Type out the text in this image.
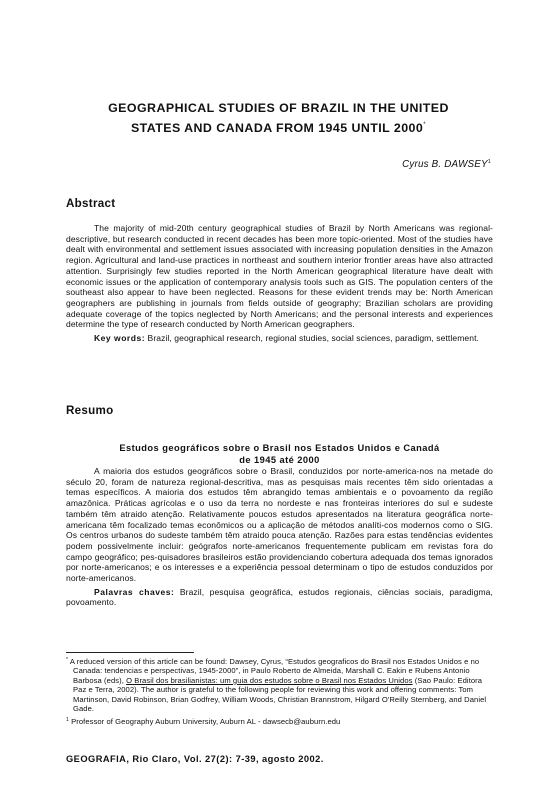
GEOGRAPHICAL STUDIES OF BRAZIL IN THE UNITED
STATES AND CANADA FROM 1945 UNTIL 2000*
Cyrus B. DAWSEY$^1$
Abstract

The majority of mid-20th century geographical studies of Brazil by North Americans was regional-descriptive, but research conducted in recent decades has been more topic-oriented. Most of the studies have dealt with environmental and settlement issues associated with increasing population densities in the Amazon region. Agricultural and land-use practices in northeast and southern interior frontier areas have also attracted attention. Surprisingly few studies reported in the North American geographical literature have dealt with economic issues or the application of contemporary analysis tools such as GIS. The population centers of the southeast also appear to have been neglected. Reasons for these evident trends may be: North American geographers are publishing in journals from fields outside of geography; Brazilian scholars are providing adequate coverage of the topics neglected by North Americans; and the personal interests and experiences determine the type of research conducted by North American geographers.

Key words: Brazil, geographical research, regional studies, social sciences, paradigm, settlement.

Resumo
Estudos geográficos sobre o Brasil nos Estados Unidos e Canadá
de 1945 até 2000

A maioria dos estudos geográficos sobre o Brasil, conduzidos por norte-america-nos na metade do século 20, foram de natureza regional-descritiva, mas as pesquisas mais recentes têm sido orientadas a temas específicos. A maioria dos estudos têm abrangido temas ambientais e o povoamento da região amazônica. Práticas agrícolas e o uso da terra no nordeste e nas fronteiras interiores do sul e sudeste também têm atraido atenção. Relativamente poucos estudos apresentados na literatura geográfica norte-americana têm focalizado temas econômicos ou a aplicação de métodos analíti-cos modernos como o SIG. Os centros urbanos do sudeste também têm atraido pouca atenção. Razões para estas tendências evidentes podem possivelmente incluir: geógrafos norte-americanos frequentemente publicam em revistas fora do campo geográfico; pes-quisadores brasileiros estão providenciando cobertura adequada dos temas ignorados por norte-americanos; e os interesses e a experiência pessoal determinam o tipo de estudos conduzidos por norte-americanos.

Palavras chaves: Brazil, pesquisa geográfica, estudos regionais, ciências sociais, paradigma, povoamento.

* A reduced version of this article can be found: Dawsey, Cyrus, “Estudos geograficos do Brasil nos Estados Unidos e no Canada: tendencias e perspectivas, 1945-2000”, in Paulo Roberto de Almeida, Marshall C. Eakin e Rubens Antonio Barbosa (eds), O Brasil dos brasilianistas: um guia dos estudos sobre o Brasil nos Estados Unidos (Sao Paulo: Editora Paz e Terra, 2002). The author is grateful to the following people for reviewing this work and offering comments: Tom Martinson, David Robinson, Brian Godfrey, William Woods, Christian Brannstrom, Hilgard O'Reilly Sternberg, and Daniel Gade.

$^1$ Professor of Geography Auburn University, Auburn AL - dawsecb@auburn.edu

GEOGRAFIA, Rio Claro, Vol. 27(2): 7-39, agosto 2002.
